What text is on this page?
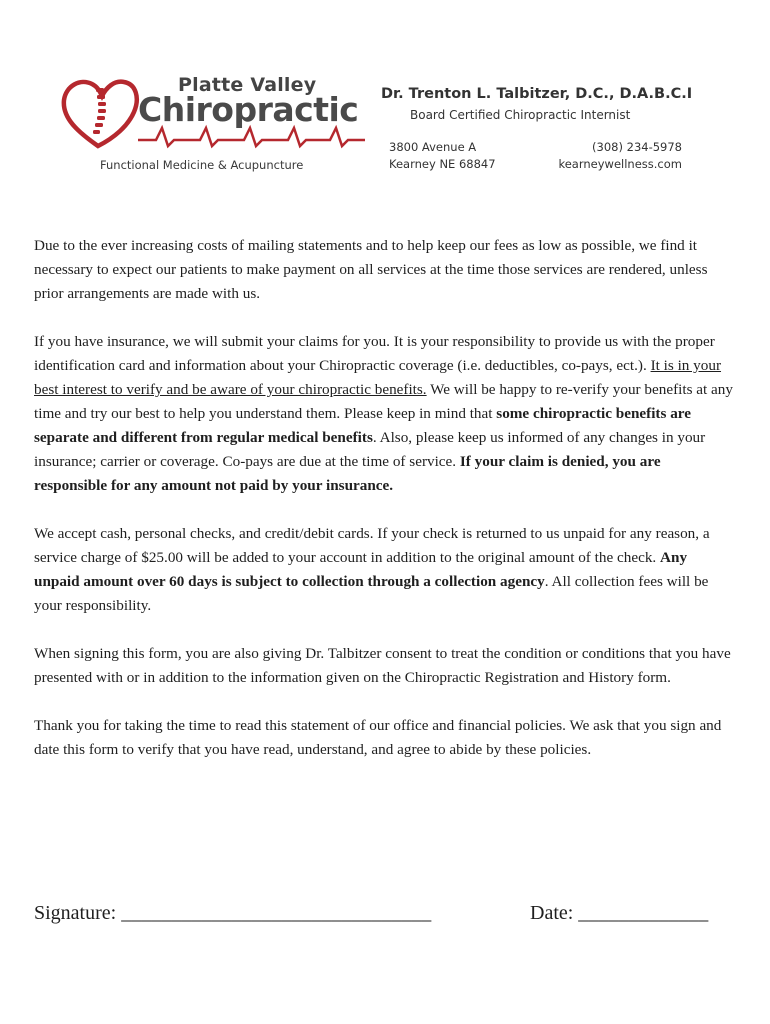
Platte Valley
Chiropractic
Functional Medicine & Acupuncture
Dr. Trenton L. Talbitzer, D.C., D.A.B.C.I
Board Certified Chiropractic Internist
3800 Avenue A
Kearney NE 68847
(308) 234-5978
kearneywellness.com

Due to the ever increasing costs of mailing statements and to help keep our fees as low as possible, we find it necessary to expect our patients to make payment on all services at the time those services are rendered, unless prior arrangements are made with us.

If you have insurance, we will submit your claims for you. It is your responsibility to provide us with the proper identification card and information about your Chiropractic coverage (i.e. deductibles, co-pays, ect.). It is in your best interest to verify and be aware of your chiropractic benefits. We will be happy to re-verify your benefits at any time and try our best to help you understand them. Please keep in mind that some chiropractic benefits are separate and different from regular medical benefits. Also, please keep us informed of any changes in your insurance; carrier or coverage. Co-pays are due at the time of service. If your claim is denied, you are responsible for any amount not paid by your insurance.

We accept cash, personal checks, and credit/debit cards. If your check is returned to us unpaid for any reason, a service charge of $25.00 will be added to your account in addition to the original amount of the check. Any unpaid amount over 60 days is subject to collection through a collection agency. All collection fees will be your responsibility.

When signing this form, you are also giving Dr. Talbitzer consent to treat the condition or conditions that you have presented with or in addition to the information given on the Chiropractic Registration and History form.

Thank you for taking the time to read this statement of our office and financial policies. We ask that you sign and date this form to verify that you have read, understand, and agree to abide by these policies.

Signature: _______________________________	Date: _____________
